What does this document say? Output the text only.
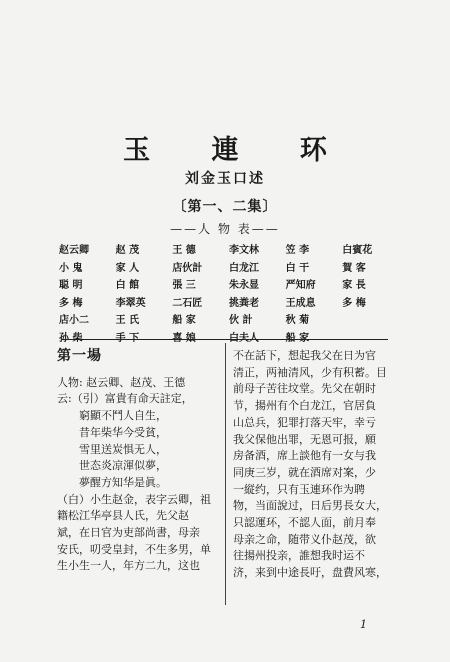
玉 連 环
刘金玉口述
〔第一、二集〕
——人 物 表——
赵云卿	赵 茂	王 德	李文林	笠 李	白賓花
小 鬼	家 人	店伙計	白龙江	白 干	賀 客
聪 明	白 館	張 三	朱永显	严知府	家 長
多 梅	李翠英	二石匠	挑粪老	王成息	多 梅
店小二	王 氏	船 家	伙 計	秋 菊	
孙 柴	手 下	喜 娘	白夫人	船 家	
第一場
人物: 赵云卿、赵茂、王德
云:（引）富貴有命天註定，
窮顯不鬥人自生，
昔年柴华今受貧，
雪里送炭惧无人，
世态炎凉渾似夢，
夢醒方知华是眞。
（白）小生赵金，表字云卿，祖
籍松江华亭县人氏，先父赵
斌，在日官为吏部尚書，母亲
安氏，叨受皇封，不生多男，单
生小生一人，年方二九，这也
不在話下，想起我父在日为官
清正，两袖清风，少有积蓄。目
前母子苦往坟堂。先父在朝时
节，揚州有个白龙江，官居負
山总兵，犯罪打落天牢，幸亏
我父保他出罪，无恩可报，願
房备酒，席上談他有一女与我
同庚三岁，就在酒席对案，少
一縦约，只有玉連环作为聘
物，当面說过，日后男長女大，
只認運环，不認人面，前月奉
母亲之命，随带义仆赵茂，欲
往揚州投亲，誰想我时运不
济，来到中途長吁，盘費风寒，
1
